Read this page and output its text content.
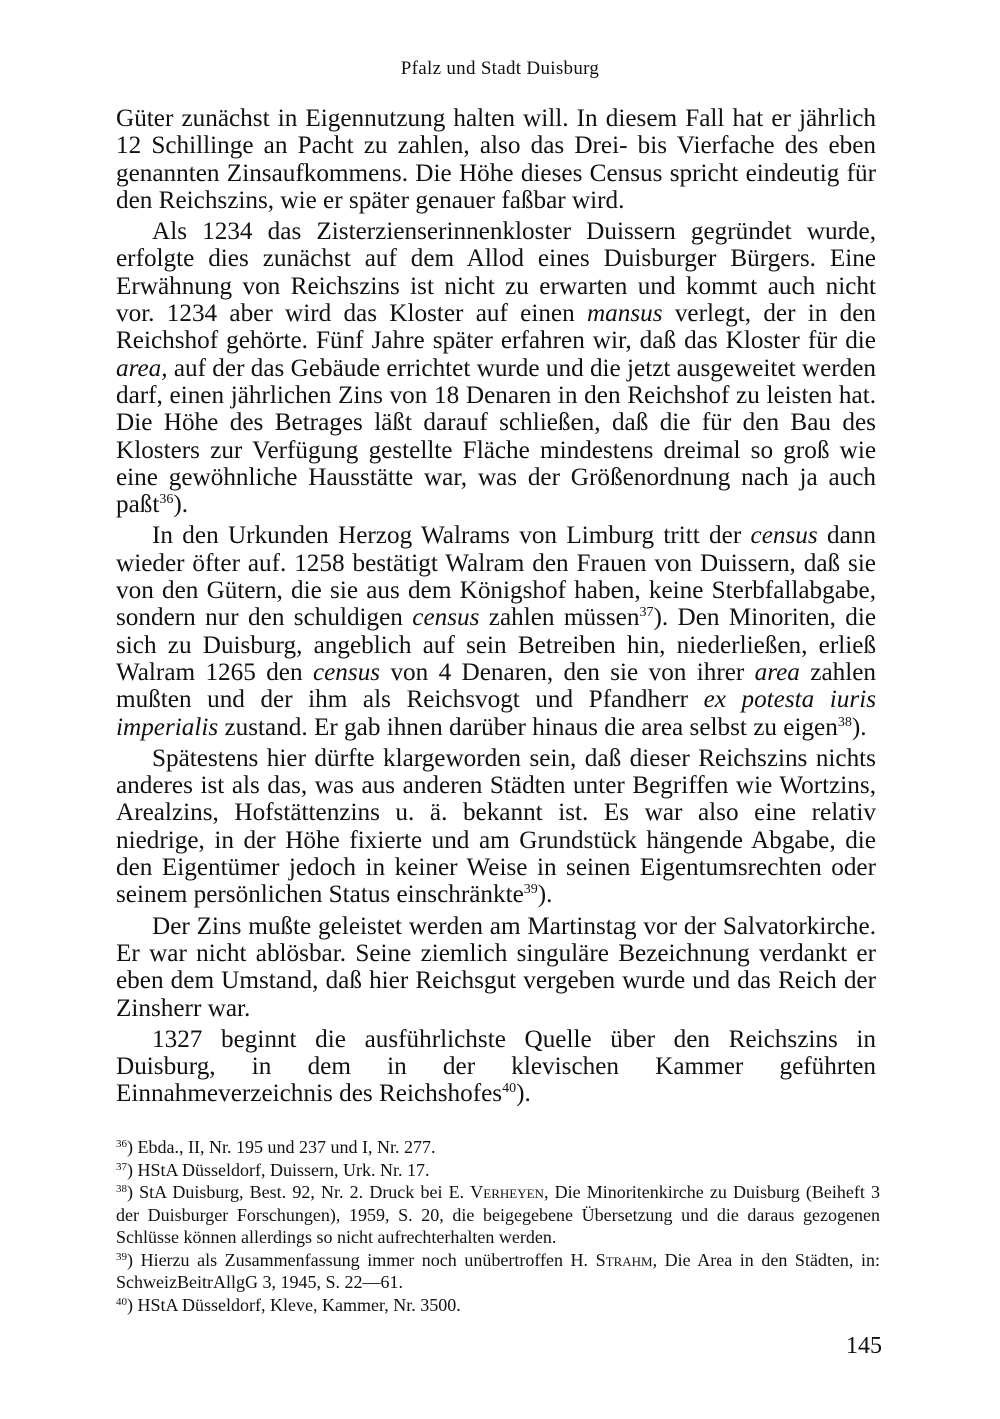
Pfalz und Stadt Duisburg

Güter zunächst in Eigennutzung halten will. In diesem Fall hat er jährlich 12 Schillinge an Pacht zu zahlen, also das Drei- bis Vierfache des eben genannten Zinsaufkommens. Die Höhe dieses Census spricht eindeutig für den Reichszins, wie er später genauer faßbar wird.

Als 1234 das Zisterzienserinnenkloster Duissern gegründet wurde, erfolgte dies zunächst auf dem Allod eines Duisburger Bürgers. Eine Erwähnung von Reichszins ist nicht zu erwarten und kommt auch nicht vor. 1234 aber wird das Kloster auf einen mansus verlegt, der in den Reichshof gehörte. Fünf Jahre später erfahren wir, daß das Kloster für die area, auf der das Gebäude errichtet wurde und die jetzt ausgeweitet werden darf, einen jährlichen Zins von 18 Denaren in den Reichshof zu leisten hat. Die Höhe des Betrages läßt darauf schließen, daß die für den Bau des Klosters zur Verfügung gestellte Fläche mindestens dreimal so groß wie eine gewöhnliche Hausstätte war, was der Größenordnung nach ja auch paßt$^{36}$).

In den Urkunden Herzog Walrams von Limburg tritt der census dann wieder öfter auf. 1258 bestätigt Walram den Frauen von Duissern, daß sie von den Gütern, die sie aus dem Königshof haben, keine Sterbfallabgabe, sondern nur den schuldigen census zahlen müssen$^{37}$). Den Minoriten, die sich zu Duisburg, angeblich auf sein Betreiben hin, niederließen, erließ Walram 1265 den census von 4 Denaren, den sie von ihrer area zahlen mußten und der ihm als Reichsvogt und Pfandherr ex potesta iuris imperialis zustand. Er gab ihnen darüber hinaus die area selbst zu eigen$^{38}$).

Spätestens hier dürfte klargeworden sein, daß dieser Reichszins nichts anderes ist als das, was aus anderen Städten unter Begriffen wie Wortzins, Arealzins, Hofstättenzins u. ä. bekannt ist. Es war also eine relativ niedrige, in der Höhe fixierte und am Grundstück hängende Abgabe, die den Eigentümer jedoch in keiner Weise in seinen Eigentumsrechten oder seinem persönlichen Status einschränkte$^{39}$).

Der Zins mußte geleistet werden am Martinstag vor der Salvatorkirche. Er war nicht ablösbar. Seine ziemlich singuläre Bezeichnung verdankt er eben dem Umstand, daß hier Reichsgut vergeben wurde und das Reich der Zinsherr war.

1327 beginnt die ausführlichste Quelle über den Reichszins in Duisburg, in dem in der klevischen Kammer geführten Einnahmeverzeichnis des Reichshofes$^{40}$).

$^{36}$) Ebda., II, Nr. 195 und 237 und I, Nr. 277.

$^{37}$) HStA Düsseldorf, Duissern, Urk. Nr. 17.

$^{38}$) StA Duisburg, Best. 92, Nr. 2. Druck bei E. Verheyen, Die Minoritenkirche zu Duisburg (Beiheft 3 der Duisburger Forschungen), 1959, S. 20, die beigegebene Übersetzung und die daraus gezogenen Schlüsse können allerdings so nicht aufrechterhalten werden.

$^{39}$) Hierzu als Zusammenfassung immer noch unübertroffen H. Strahm, Die Area in den Städten, in: SchweizBeitrAllgG 3, 1945, S. 22—61.

$^{40}$) HStA Düsseldorf, Kleve, Kammer, Nr. 3500.

145
